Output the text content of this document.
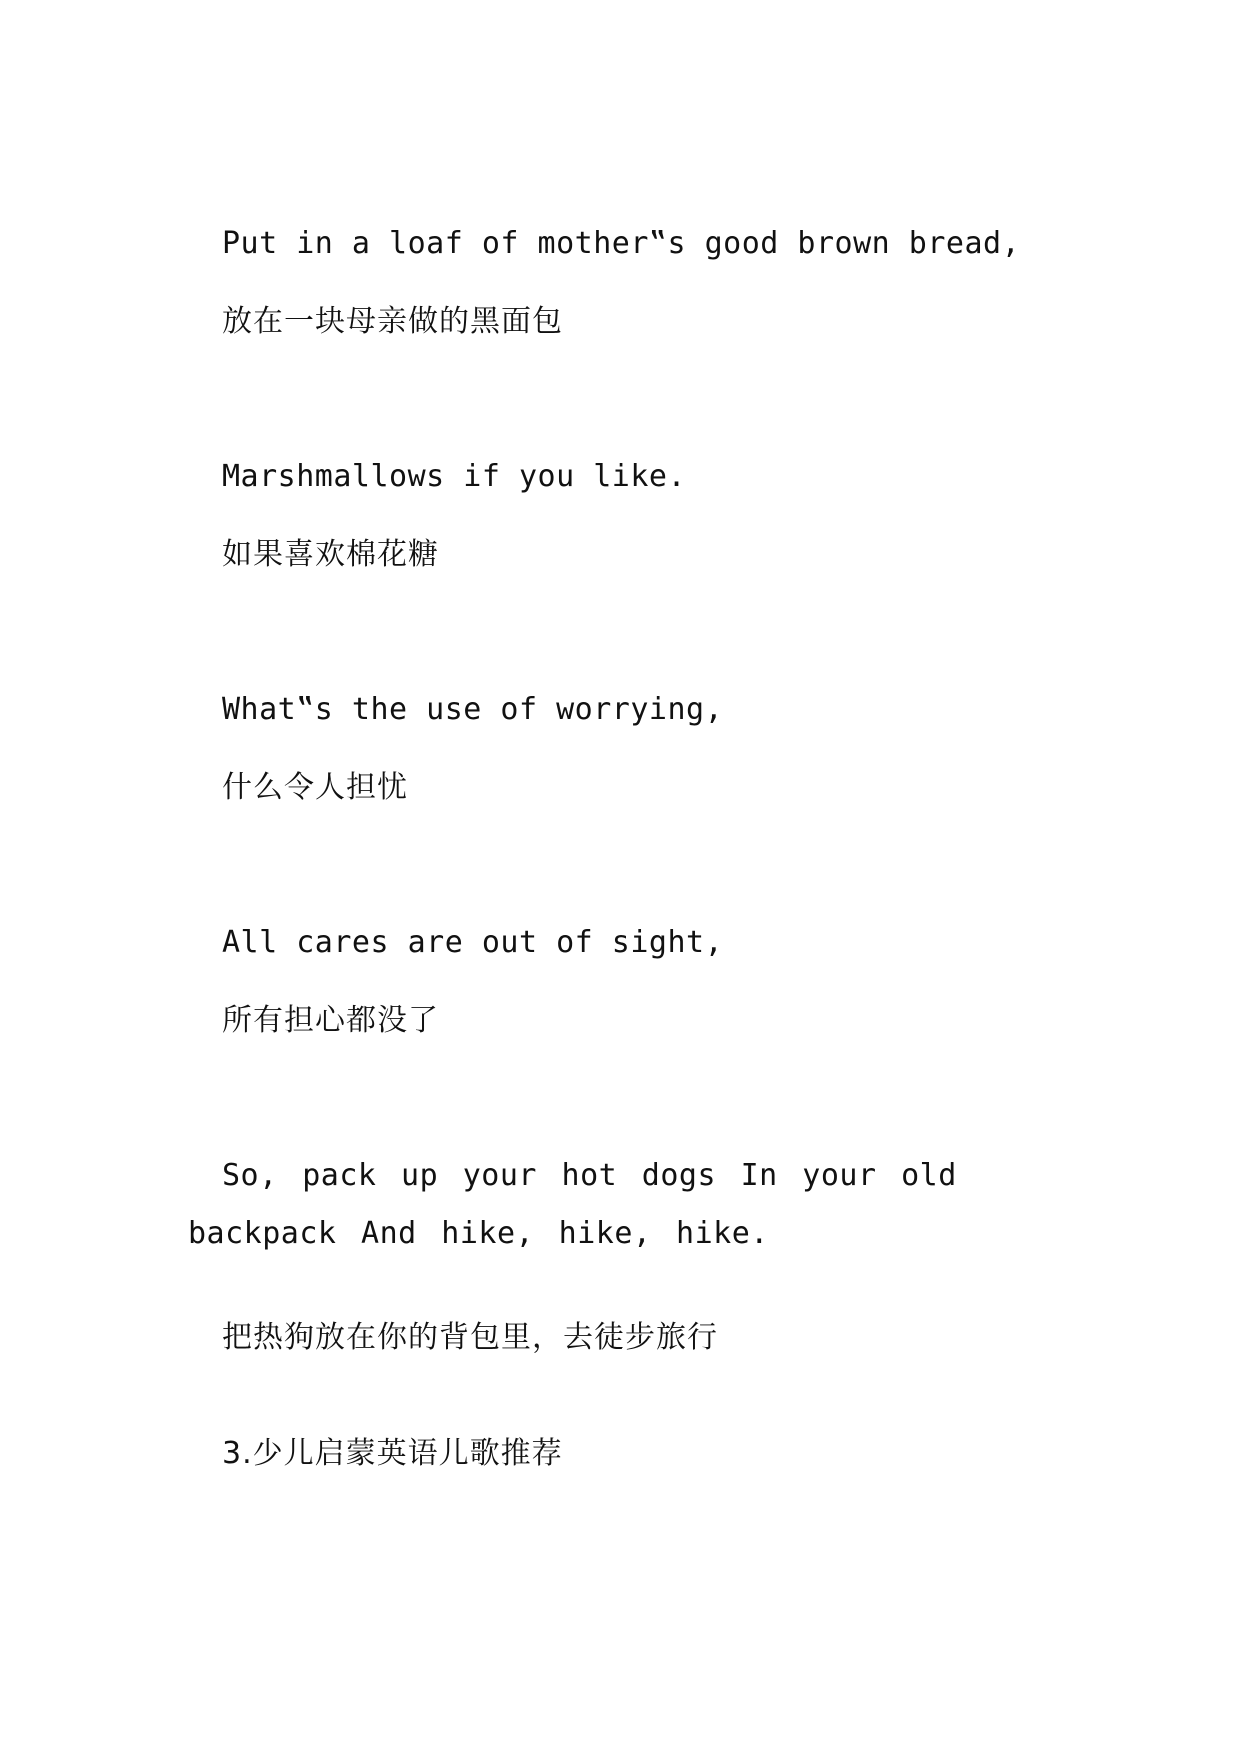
Put in a loaf of mother‟s good brown bread,

放在一块母亲做的黑面包

Marshmallows if you like.

如果喜欢棉花糖

What‟s the use of worrying,

什么令人担忧

All cares are out of sight,

所有担心都没了

So, pack up your hot dogs In your old backpack And hike, hike, hike.

把热狗放在你的背包里，去徒步旅行

3.少儿启蒙英语儿歌推荐
